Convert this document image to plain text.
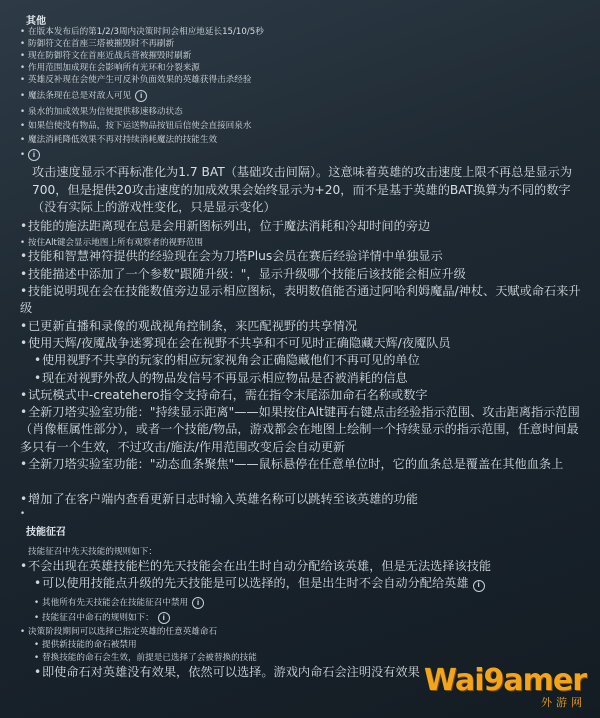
其他
• 在版本发布后的第1/2/3周内决策时间会相应地延长15/10/5秒
• 防御符文在首座三塔被摧毁时不再刷新
• 现在防御符文在首座近战兵营被摧毁时刷新
• 作用范围加成现在会影响所有光环和分裂来源
• 英雄反补现在会使产生可反补负面效果的英雄获得击杀经验
• 魔法条现在总是对敌人可见	i
• 泉水的加成效果为信使提供移速移动状态
• 如果信使没有物品，按下运送物品按钮后信使会直接回泉水
• 魔法消耗降低效果不再对持续消耗魔法的技能生效
•	i
攻击速度显示不再标准化为1.7 BAT（基础攻击间隔）。这意味着英雄的攻击速度上限不再总是显示为700，但是提供20攻击速度的加成效果会始终显示为+20，而不是基于英雄的BAT换算为不同的数字（没有实际上的游戏性变化，只是显示变化）
• 技能的施法距离现在总是会用新图标列出，位于魔法消耗和冷却时间的旁边
• 按住Alt键会显示地图上所有观察者的视野范围
• 技能和智慧神符提供的经验现在会为刀塔Plus会员在赛后经验详情中单独显示
• 技能描述中添加了一个参数"跟随升级："，显示升级哪个技能后该技能会相应升级
•技能说明现在会在技能数值旁边显示相应图标，表明数值能否通过阿哈利姆魔晶/神杖、天赋或命石来升级
• 已更新直播和录像的观战视角控制条，来匹配视野的共享情况
• 使用天辉/夜魇战争迷雾现在会在视野不共享和不可见时正确隐藏天辉/夜魇队员
• 使用视野不共享的玩家的相应玩家视角会正确隐藏他们不再可见的单位
• 现在对视野外敌人的物品发信号不再显示相应物品是否被消耗的信息
• 试玩模式中-createhero指令支持命石，需在指令末尾添加命石名称或数字
•全新刀塔实验室功能："持续显示距离"——如果按住Alt键再右键点击经验指示范围、攻击距离指示范围（肖像框属性部分），或者一个技能/物品，游戏都会在地图上绘制一个持续显示的指示范围，任意时间最多只有一个生效，不过攻击/施法/作用范围改变后会自动更新
•全新刀塔实验室功能："动态血条聚焦"——鼠标悬停在任意单位时，它的血条总是覆盖在其他血条上
• 增加了在客户端内查看更新日志时输入英雄名称可以跳转至该英雄的功能
•
技能征召
技能征召中先天技能的规则如下：
• 不会出现在英雄技能栏的先天技能会在出生时自动分配给该英雄，但是无法选择该技能
• 可以使用技能点升级的先天技能是可以选择的，但是出生时不会自动分配给英雄	i
• 其他所有先天技能会在技能征召中禁用	i
• 技能征召中命石的规则如下：	i
• 决策阶段期间可以选择已指定英雄的任意英雄命石
• 提供新技能的命石被禁用
• 替换技能的命石会生效，前提是已选择了会被替换的技能
• 即使命石对英雄没有效果，依然可以选择。游戏内命石会注明没有效果 Wai9amer
外游网
